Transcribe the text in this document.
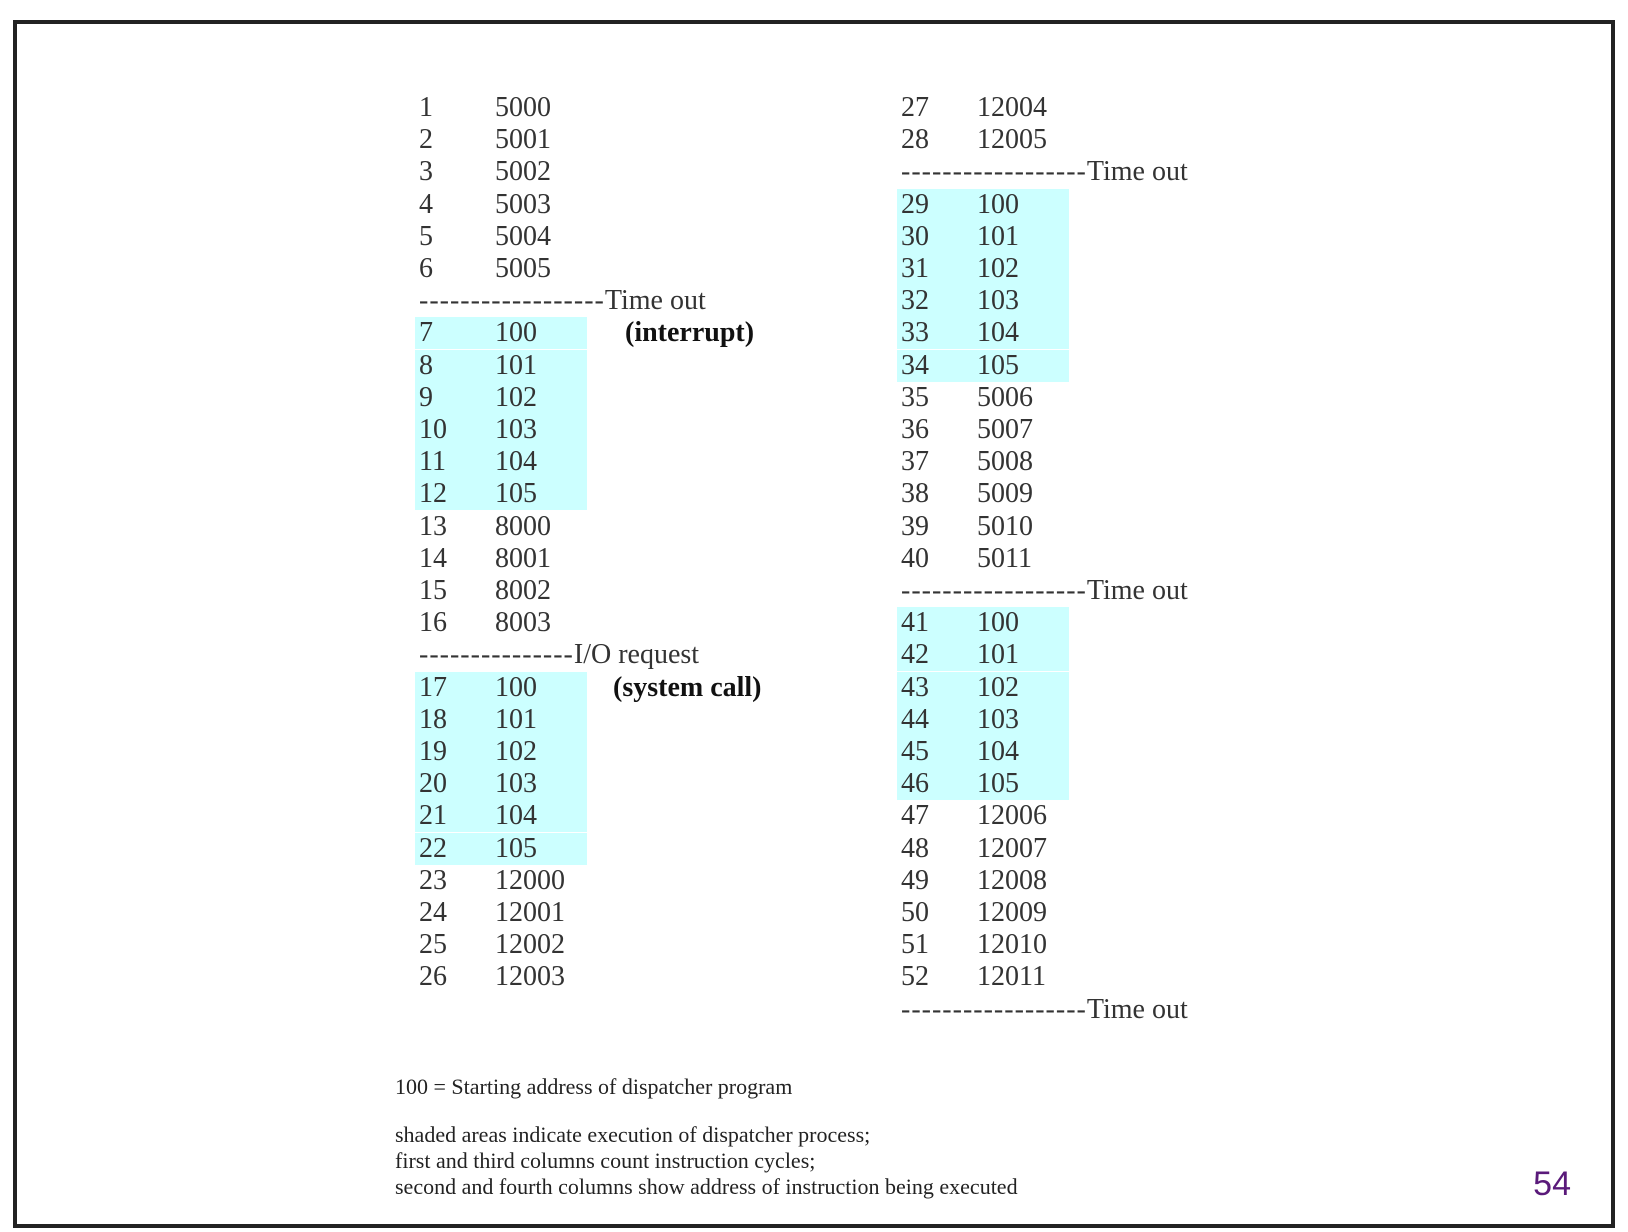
1 5000
2 5001
3 5002
4 5003
5 5004
6 5005
------------------Time out
(interrupt)
7 100
8 101
9 102
10 103
11 104
12 105
13 8000
14 8001
15 8002
16 8003
---------------I/O request
(system call)
17 100
18 101
19 102
20 103
21 104
22 105
23 12000
24 12001
25 12002
26 12003
27 12004
28 12005
------------------Time out
29 100
30 101
31 102
32 103
33 104
34 105
35 5006
36 5007
37 5008
38 5009
39 5010
40 5011
------------------Time out
41 100
42 101
43 102
44 103
45 104
46 105
47 12006
48 12007
49 12008
50 12009
51 12010
52 12011
------------------Time out
100 = Starting address of dispatcher program
shaded areas indicate execution of dispatcher process;
first and third columns count instruction cycles;
second and fourth columns show address of instruction being executed	54
